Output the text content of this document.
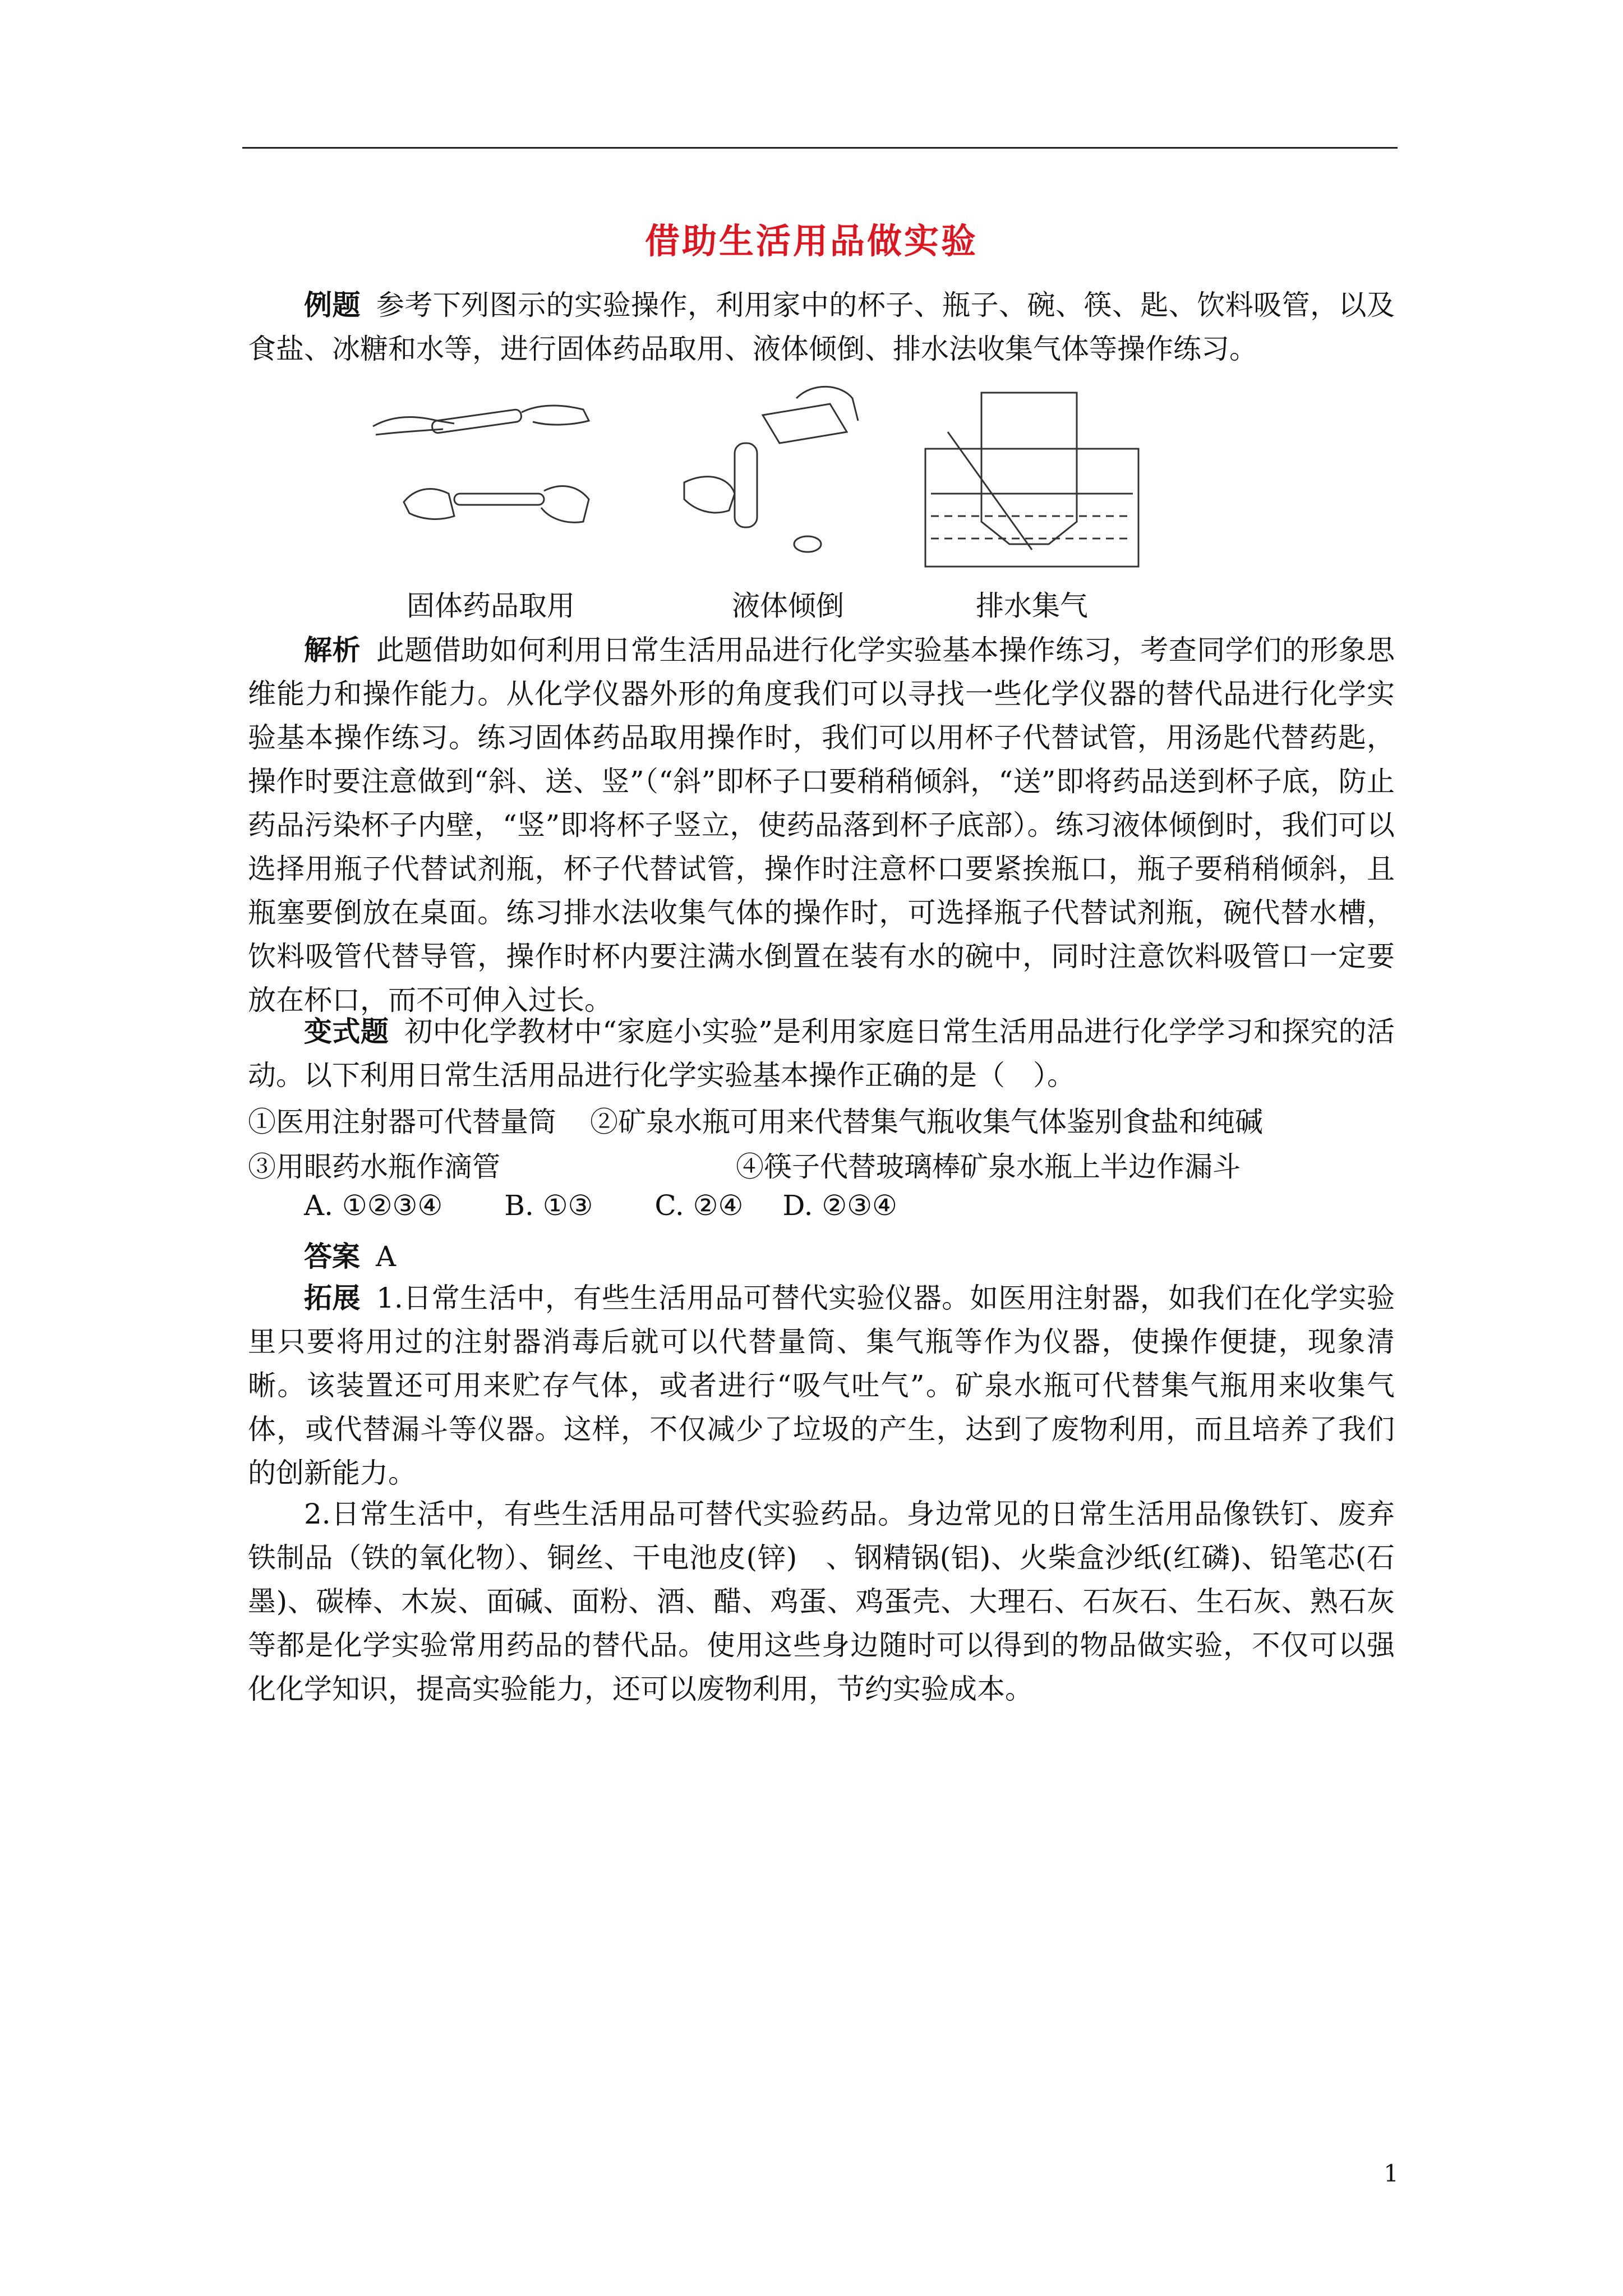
借助生活用品做实验
例题 参考下列图示的实验操作，利用家中的杯子、瓶子、碗、筷、匙、饮料吸管，以及食盐、冰糖和水等，进行固体药品取用、液体倾倒、排水法收集气体等操作练习。
固体药品取用	液体倾倒	排水集气
解析 此题借助如何利用日常生活用品进行化学实验基本操作练习，考查同学们的形象思维能力和操作能力。从化学仪器外形的角度我们可以寻找一些化学仪器的替代品进行化学实验基本操作练习。练习固体药品取用操作时，我们可以用杯子代替试管，用汤匙代替药匙，操作时要注意做到“斜、送、竖”（“斜”即杯子口要稍稍倾斜，“送”即将药品送到杯子底，防止药品污染杯子内壁，“竖”即将杯子竖立，使药品落到杯子底部）。练习液体倾倒时，我们可以选择用瓶子代替试剂瓶，杯子代替试管，操作时注意杯口要紧挨瓶口，瓶子要稍稍倾斜，且瓶塞要倒放在桌面。练习排水法收集气体的操作时，可选择瓶子代替试剂瓶，碗代替水槽，饮料吸管代替导管，操作时杯内要注满水倒置在装有水的碗中，同时注意饮料吸管口一定要放在杯口，而不可伸入过长。
变式题 初中化学教材中“家庭小实验”是利用家庭日常生活用品进行化学学习和探究的活动。以下利用日常生活用品进行化学实验基本操作正确的是（　）。
①医用注射器可代替量筒 ②矿泉水瓶可用来代替集气瓶收集气体鉴别食盐和纯碱
③用眼药水瓶作滴管	④筷子代替玻璃棒矿泉水瓶上半边作漏斗
A. ①②③④ B. ①③ C. ②④ D. ②③④
答案 A
拓展 1.日常生活中，有些生活用品可替代实验仪器。如医用注射器，如我们在化学实验里只要将用过的注射器消毒后就可以代替量筒、集气瓶等作为仪器，使操作便捷，现象清晰。该装置还可用来贮存气体，或者进行“吸气吐气”。矿泉水瓶可代替集气瓶用来收集气体，或代替漏斗等仪器。这样，不仅减少了垃圾的产生，达到了废物利用，而且培养了我们的创新能力。
2.日常生活中，有些生活用品可替代实验药品。身边常见的日常生活用品像铁钉、废弃铁制品（铁的氧化物）、铜丝、干电池皮(锌)　、钢精锅(铝)、火柴盒沙纸(红磷)、铅笔芯(石墨)、碳棒、木炭、面碱、面粉、酒、醋、鸡蛋、鸡蛋壳、大理石、石灰石、生石灰、熟石灰等都是化学实验常用药品的替代品。使用这些身边随时可以得到的物品做实验，不仅可以强化化学知识，提高实验能力，还可以废物利用，节约实验成本。
1
